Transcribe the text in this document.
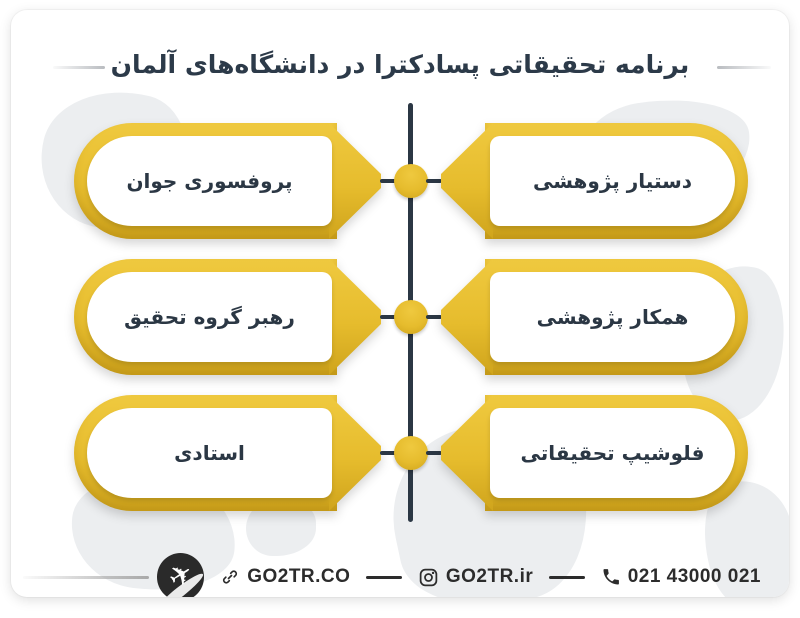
برنامه تحقیقاتی پسادکترا در دانشگاه‌های آلمان
پروفسوری جوان	دستیار پژوهشی
رهبر گروه تحقیق	همکار پژوهشی
استادی	فلوشیپ تحقیقاتی
✈	GO2TR.CO	GO2TR.ir	021 43000 021
